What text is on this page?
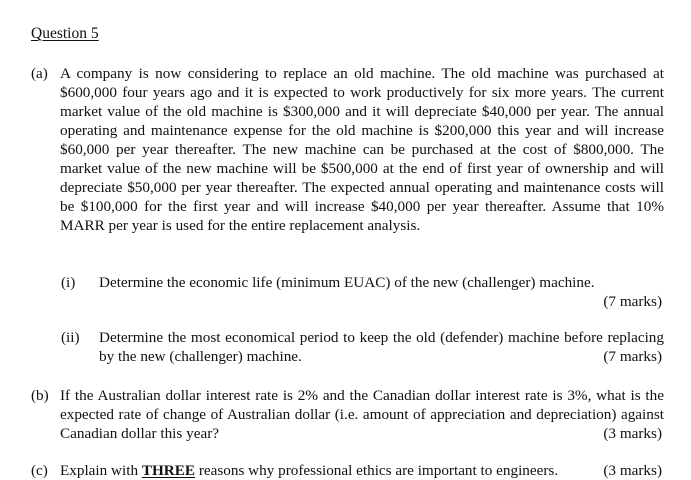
Question 5
(a) A company is now considering to replace an old machine. The old machine was purchased at $600,000 four years ago and it is expected to work productively for six more years. The current market value of the old machine is $300,000 and it will depreciate $40,000 per year. The annual operating and maintenance expense for the old machine is $200,000 this year and will increase $60,000 per year thereafter. The new machine can be purchased at the cost of $800,000. The market value of the new machine will be $500,000 at the end of first year of ownership and will depreciate $50,000 per year thereafter. The expected annual operating and maintenance costs will be $100,000 for the first year and will increase $40,000 per year thereafter. Assume that 10% MARR per year is used for the entire replacement analysis.
(i) Determine the economic life (minimum EUAC) of the new (challenger) machine.
(7 marks)
(ii) Determine the most economical period to keep the old (defender) machine before replacing by the new (challenger) machine.	(7 marks)
(b) If the Australian dollar interest rate is 2% and the Canadian dollar interest rate is 3%, what is the expected rate of change of Australian dollar (i.e. amount of appreciation and depreciation) against Canadian dollar this year?	(3 marks)
(c) Explain with THREE reasons why professional ethics are important to engineers.	(3 marks)
